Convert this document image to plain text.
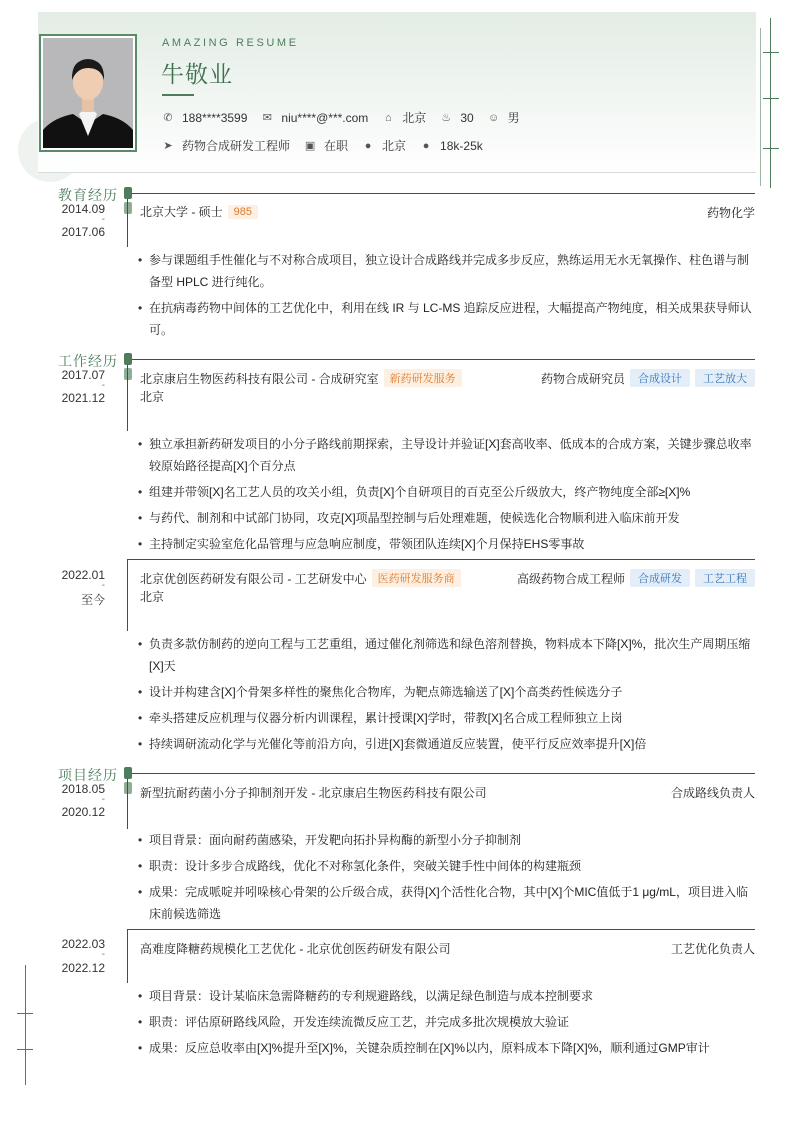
AMAZING RESUME
牛敬业
✆ 188****3599 ✉ niu****@***.com ⌂ 北京 ♨ 30 ☺ 男
➤ 药物合成研发工程师 ▣ 在职 ● 北京 ● 18k-25k
教育经历
2014.09
-
2017.06
北京大学 - 硕士	985	药物化学
• 参与课题组手性催化与不对称合成项目，独立设计合成路线并完成多步反应，熟练运用无水无氧操作、柱色谱与制备型 HPLC 进行纯化。
• 在抗病毒药物中间体的工艺优化中，利用在线 IR 与 LC-MS 追踪反应进程，大幅提高产物纯度，相关成果获导师认可。
工作经历
2017.07
-
2021.12
北京康启生物医药科技有限公司 - 合成研究室	新药研发服务	药物合成研究员	合成设计	工艺放大
北京
• 独立承担新药研发项目的小分子路线前期探索，主导设计并验证[X]套高收率、低成本的合成方案，关键步骤总收率较原始路径提高[X]个百分点
• 组建并带领[X]名工艺人员的攻关小组，负责[X]个自研项目的百克至公斤级放大，终产物纯度全部≥[X]%
• 与药代、制剂和中试部门协同，攻克[X]项晶型控制与后处理难题，使候选化合物顺利进入临床前开发
• 主持制定实验室危化品管理与应急响应制度，带领团队连续[X]个月保持EHS零事故
2022.01
-
至今
北京优创医药研发有限公司 - 工艺研发中心	医药研发服务商	高级药物合成工程师	合成研发	工艺工程
北京
• 负责多款仿制药的逆向工程与工艺重组，通过催化剂筛选和绿色溶剂替换，物料成本下降[X]%，批次生产周期压缩[X]天
• 设计并构建含[X]个骨架多样性的聚焦化合物库，为靶点筛选输送了[X]个高类药性候选分子
• 牵头搭建反应机理与仪器分析内训课程，累计授课[X]学时，带教[X]名合成工程师独立上岗
• 持续调研流动化学与光催化等前沿方向，引进[X]套微通道反应装置，使平行反应效率提升[X]倍
项目经历
2018.05
-
2020.12
新型抗耐药菌小分子抑制剂开发 - 北京康启生物医药科技有限公司	合成路线负责人
• 项目背景：面向耐药菌感染，开发靶向拓扑异构酶的新型小分子抑制剂
• 职责：设计多步合成路线，优化不对称氢化条件，突破关键手性中间体的构建瓶颈
• 成果：完成哌啶并吲哚核心骨架的公斤级合成，获得[X]个活性化合物，其中[X]个MIC值低于1 μg/mL，项目进入临床前候选筛选
2022.03
-
2022.12
高难度降糖药规模化工艺优化 - 北京优创医药研发有限公司	工艺优化负责人
• 项目背景：设计某临床急需降糖药的专利规避路线，以满足绿色制造与成本控制要求
• 职责：评估原研路线风险，开发连续流微反应工艺，并完成多批次规模放大验证
• 成果：反应总收率由[X]%提升至[X]%，关键杂质控制在[X]%以内，原料成本下降[X]%，顺利通过GMP审计
